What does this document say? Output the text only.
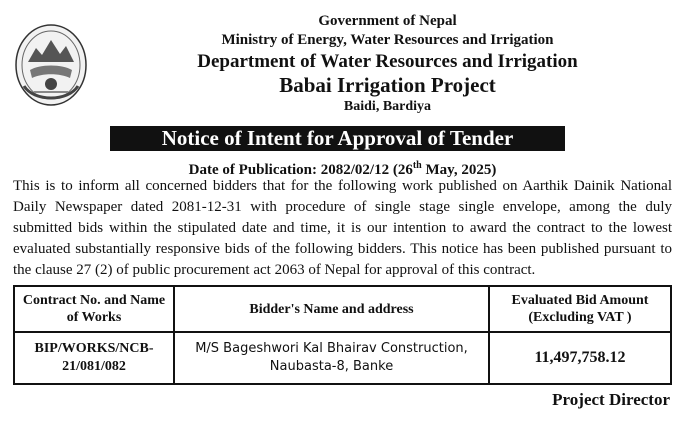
Government of Nepal
Ministry of Energy, Water Resources and Irrigation
Department of Water Resources and Irrigation
Babai Irrigation Project
Baidi, Bardiya
Notice of Intent for Approval of Tender
Date of Publication: 2082/02/12 (26th May, 2025)
This is to inform all concerned bidders that for the following work published on Aarthik Dainik National Daily Newspaper dated 2081-12-31 with procedure of single stage single envelope, among the duly submitted bids within the stipulated date and time, it is our intention to award the contract to the lowest evaluated substantially responsive bids of the following bidders. This notice has been published pursuant to the clause 27 (2) of public procurement act 2063 of Nepal for approval of this contract.
Contract No. and Name of Works	Bidder's Name and address	Evaluated Bid Amount (Excluding VAT )
BIP/WORKS/NCB-21/081/082	M/S Bageshwori Kal Bhairav Construction, Naubasta-8, Banke	11,497,758.12
Project Director
